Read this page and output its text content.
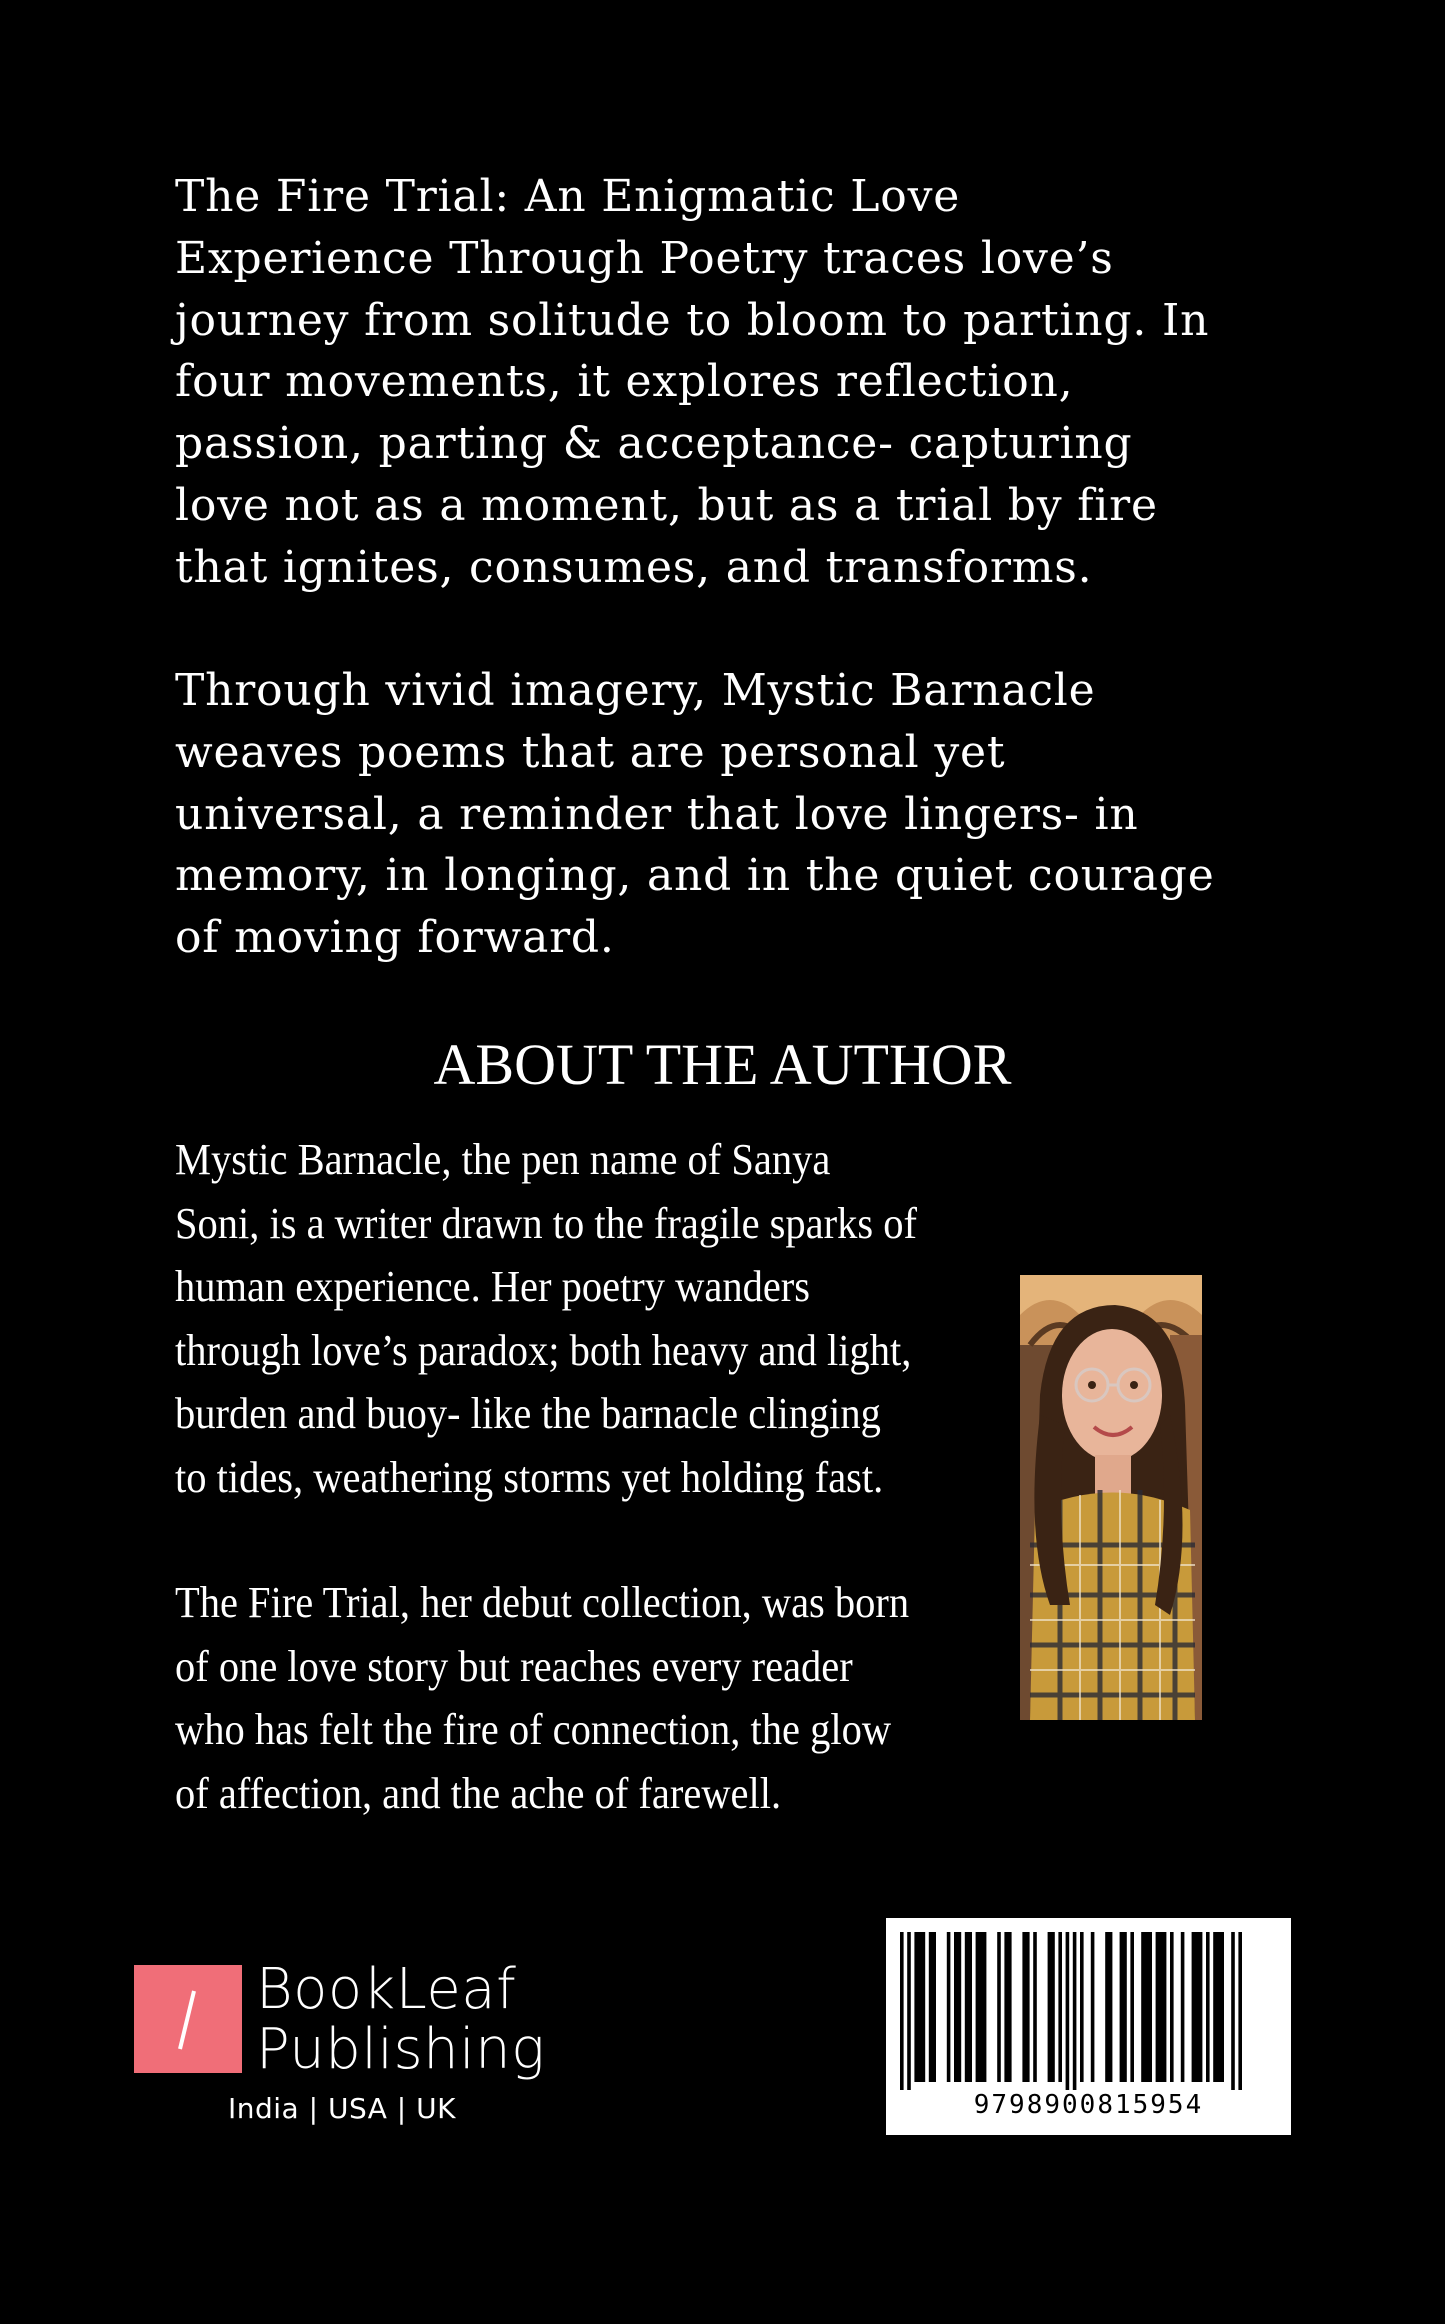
The Fire Trial: An Enigmatic Love
Experience Through Poetry traces love’s
journey from solitude to bloom to parting. In
four movements, it explores reflection,
passion, parting & acceptance- capturing
love not as a moment, but as a trial by fire
that ignites, consumes, and transforms.

Through vivid imagery, Mystic Barnacle
weaves poems that are personal yet
universal, a reminder that love lingers- in
memory, in longing, and in the quiet courage
of moving forward.

ABOUT THE AUTHOR

Mystic Barnacle, the pen name of Sanya
Soni, is a writer drawn to the fragile sparks of
human experience. Her poetry wanders
through love’s paradox; both heavy and light,
burden and buoy- like the barnacle clinging
to tides, weathering storms yet holding fast.

The Fire Trial, her debut collection, was born
of one love story but reaches every reader
who has felt the fire of connection, the glow
of affection, and the ache of farewell.

BookLeaf

Publishing

India | USA | UK	9798900815954
